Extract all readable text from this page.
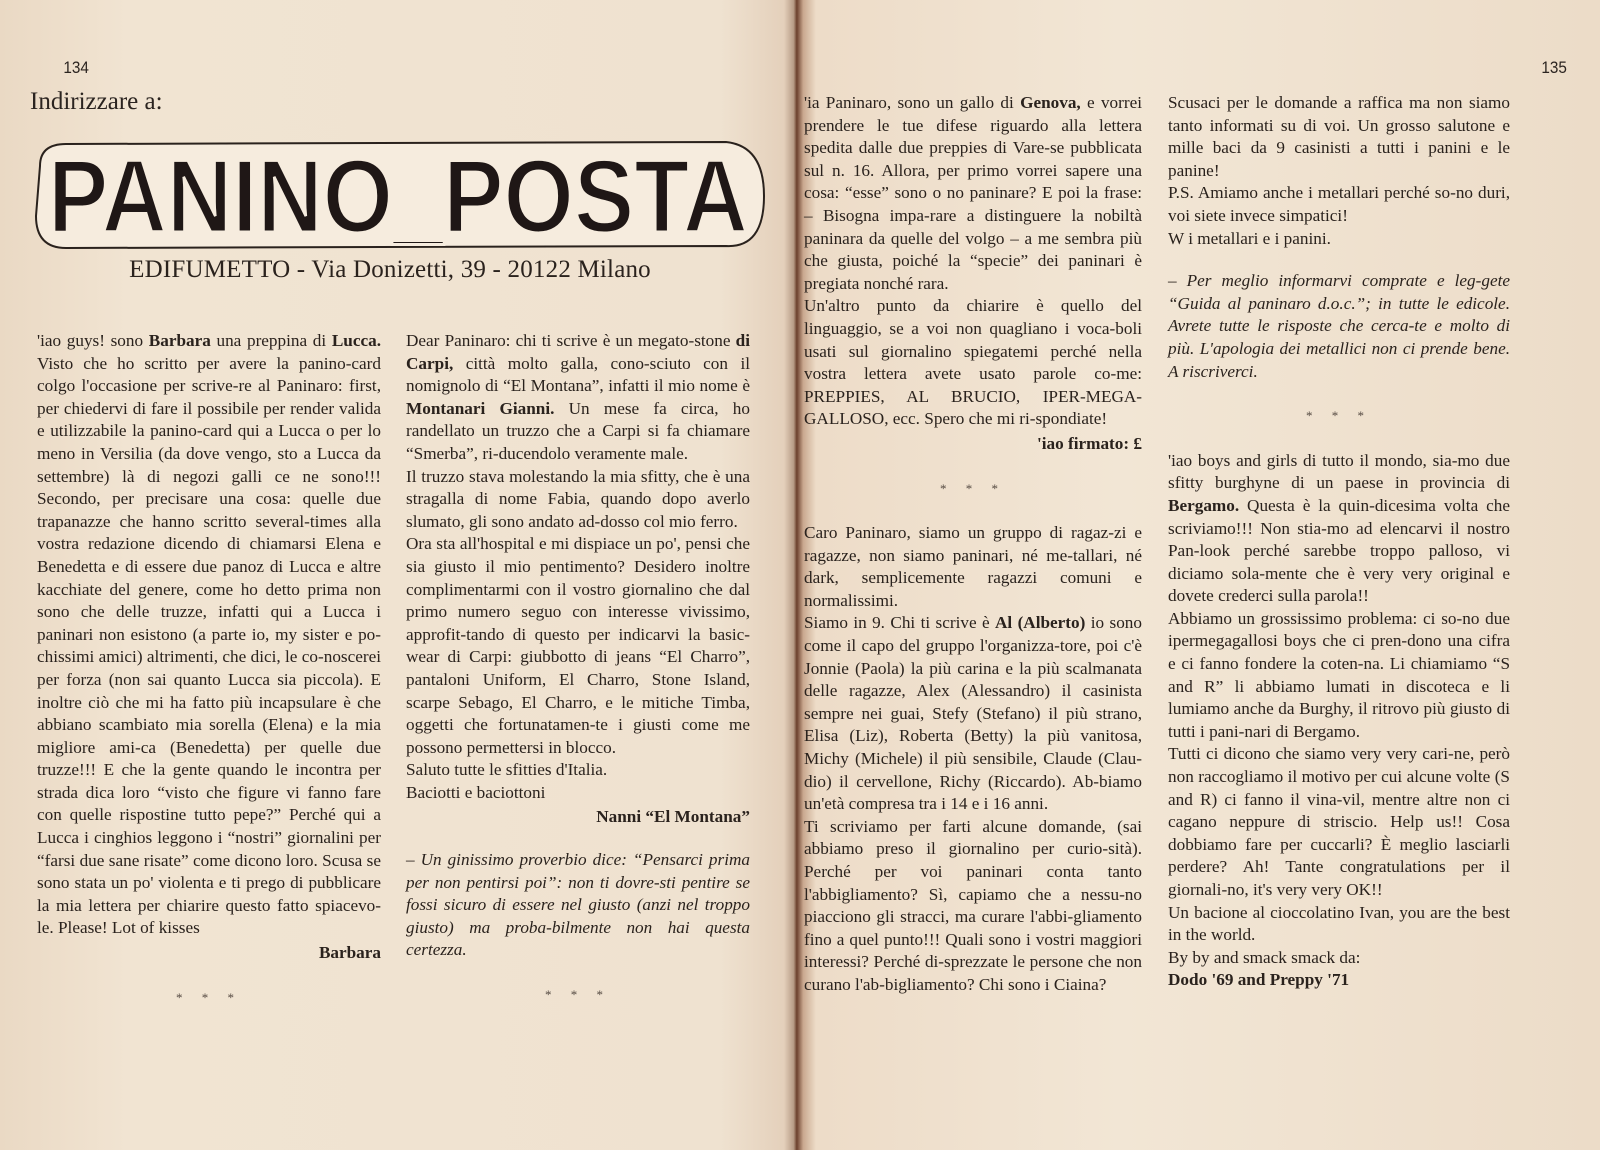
134
Indirizzare a:
PANINO_POSTA
EDIFUMETTO - Via Donizetti, 39 - 20122 Milano

'iao guys! sono Barbara una preppina di Lucca. Visto che ho scritto per avere la panino-card colgo l'occasione per scrive-re al Paninaro: first, per chiedervi di fare il possibile per render valida e utilizzabile la panino-card qui a Lucca o per lo meno in Versilia (da dove vengo, sto a Lucca da settembre) là di negozi galli ce ne sono!!! Secondo, per precisare una cosa: quelle due trapanazze che hanno scritto several-times alla vostra redazione dicendo di chiamarsi Elena e Benedetta e di essere due panoz di Lucca e altre kacchiate del genere, come ho detto prima non sono che delle truzze, infatti qui a Lucca i paninari non esistono (a parte io, my sister e po-chissimi amici) altrimenti, che dici, le co-noscerei per forza (non sai quanto Lucca sia piccola). E inoltre ciò che mi ha fatto più incapsulare è che abbiano scambiato mia sorella (Elena) e la mia migliore ami-ca (Benedetta) per quelle due truzze!!! E che la gente quando le incontra per strada dica loro “visto che figure vi fanno fare con quelle rispostine tutto pepe?” Perché qui a Lucca i cinghios leggono i “nostri” giornalini per “farsi due sane risate” come dicono loro. Scusa se sono stata un po' violenta e ti prego di pubblicare la mia lettera per chiarire questo fatto spiacevo-le. Please! Lot of kisses

Barbara

* * *

Dear Paninaro: chi ti scrive è un megato-stone di Carpi, città molto galla, cono-sciuto con il nomignolo di “El Montana”, infatti il mio nome è Montanari Gianni. Un mese fa circa, ho randellato un truzzo che a Carpi si fa chiamare “Smerba”, ri-ducendolo veramente male.

Il truzzo stava molestando la mia sfitty, che è una stragalla di nome Fabia, quando dopo averlo slumato, gli sono andato ad-dosso col mio ferro.

Ora sta all'hospital e mi dispiace un po', pensi che sia giusto il mio pentimento? Desidero inoltre complimentarmi con il vostro giornalino che dal primo numero seguo con interesse vivissimo, approfit-tando di questo per indicarvi la basic-wear di Carpi: giubbotto di jeans “El Charro”, pantaloni Uniform, El Charro, Stone Island, scarpe Sebago, El Charro, e le mitiche Timba, oggetti che fortunatamen-te i giusti come me possono permettersi in blocco.

Saluto tutte le sfitties d'Italia.

Baciotti e baciottoni

Nanni “El Montana”

– Un ginissimo proverbio dice: “Pensarci prima per non pentirsi poi”: non ti dovre-sti pentire se fossi sicuro di essere nel giusto (anzi nel troppo giusto) ma proba-bilmente non hai questa certezza.

* * *

135

'ia Paninaro, sono un gallo di Genova, e vorrei prendere le tue difese riguardo alla lettera spedita dalle due preppies di Vare-se pubblicata sul n. 16. Allora, per primo vorrei sapere una cosa: “esse” sono o no paninare? E poi la frase: – Bisogna impa-rare a distinguere la nobiltà paninara da quelle del volgo – a me sembra più che giusta, poiché la “specie” dei paninari è pregiata nonché rara.

Un'altro punto da chiarire è quello del linguaggio, se a voi non quagliano i voca-boli usati sul giornalino spiegatemi perché nella vostra lettera avete usato parole co-me: PREPPIES, AL BRUCIO, IPER-MEGA-GALLOSO, ecc. Spero che mi ri-spondiate!

'iao firmato: £

* * *

Caro Paninaro, siamo un gruppo di ragaz-zi e ragazze, non siamo paninari, né me-tallari, né dark, semplicemente ragazzi comuni e normalissimi.

Siamo in 9. Chi ti scrive è Al (Alberto) io sono come il capo del gruppo l'organizza-tore, poi c'è Jonnie (Paola) la più carina e la più scalmanata delle ragazze, Alex (Alessandro) il casinista sempre nei guai, Stefy (Stefano) il più strano, Elisa (Liz), Roberta (Betty) la più vanitosa, Michy (Michele) il più sensibile, Claude (Clau-dio) il cervellone, Richy (Riccardo). Ab-biamo un'età compresa tra i 14 e i 16 anni.

Ti scriviamo per farti alcune domande, (sai abbiamo preso il giornalino per curio-sità). Perché per voi paninari conta tanto l'abbigliamento? Sì, capiamo che a nessu-no piacciono gli stracci, ma curare l'abbi-gliamento fino a quel punto!!! Quali sono i vostri maggiori interessi? Perché di-sprezzate le persone che non curano l'ab-bigliamento? Chi sono i Ciaina?

Scusaci per le domande a raffica ma non siamo tanto informati su di voi. Un grosso salutone e mille baci da 9 casinisti a tutti i panini e le panine!

P.S. Amiamo anche i metallari perché so-no duri, voi siete invece simpatici!

W i metallari e i panini.

– Per meglio informarvi comprate e leg-gete “Guida al paninaro d.o.c.”; in tutte le edicole. Avrete tutte le risposte che cerca-te e molto di più. L'apologia dei metallici non ci prende bene. A riscriverci.

* * *

'iao boys and girls di tutto il mondo, sia-mo due sfitty burghyne di un paese in provincia di Bergamo. Questa è la quin-dicesima volta che scriviamo!!! Non stia-mo ad elencarvi il nostro Pan-look perché sarebbe troppo palloso, vi diciamo sola-mente che è very very original e dovete crederci sulla parola!!

Abbiamo un grossissimo problema: ci so-no due ipermegagallosi boys che ci pren-dono una cifra e ci fanno fondere la coten-na. Li chiamiamo “S and R” li abbiamo lumati in discoteca e li lumiamo anche da Burghy, il ritrovo più giusto di tutti i pani-nari di Bergamo.

Tutti ci dicono che siamo very very cari-ne, però non raccogliamo il motivo per cui alcune volte (S and R) ci fanno il vina-vil, mentre altre non ci cagano neppure di striscio. Help us!! Cosa dobbiamo fare per cuccarli? È meglio lasciarli perdere? Ah! Tante congratulations per il giornali-no, it's very very OK!!

Un bacione al cioccolatino Ivan, you are the best in the world.

By by and smack smack da:

Dodo '69 and Preppy '71
